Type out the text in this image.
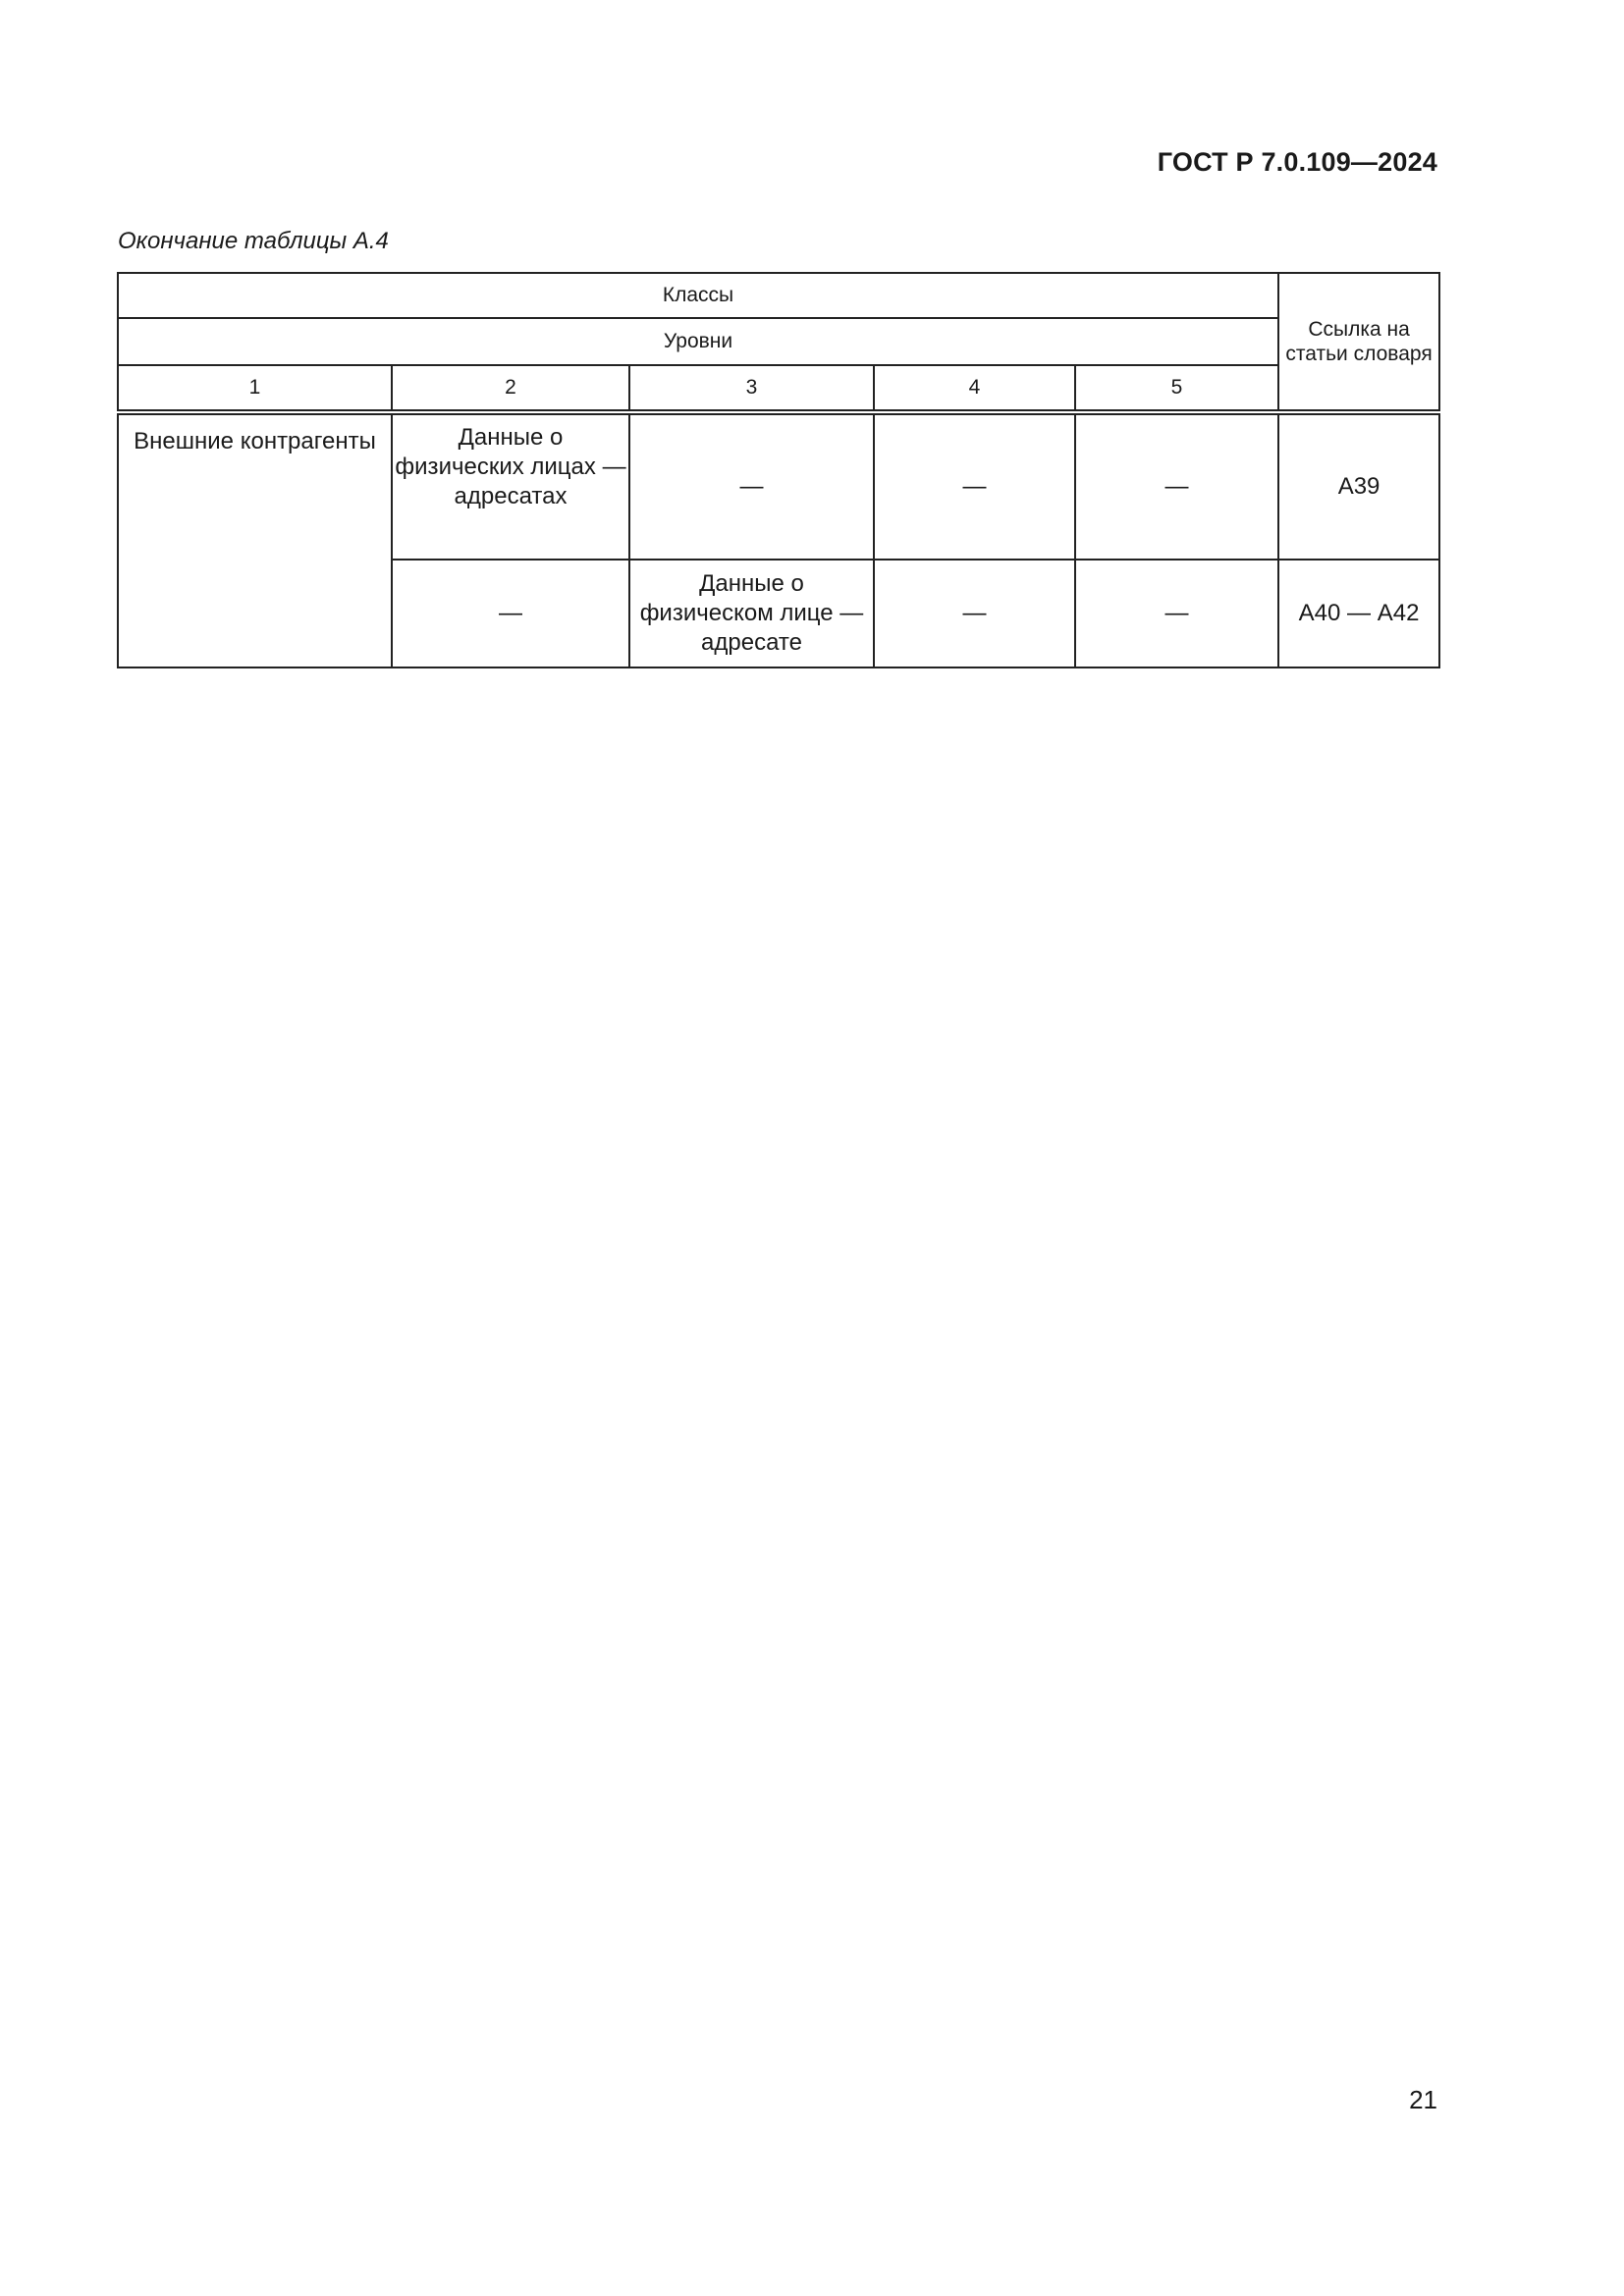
ГОСТ Р 7.0.109—2024
Окончание таблицы А.4
Классы					Ссылка на статьи словаря
Уровни					
1	2	3	4	5	
Внешние контрагенты	Данные о физических лицах — адресатах	—	—	—	А39
	—	Данные о физическом лице — адресате	—	—	А40 — А42
21
